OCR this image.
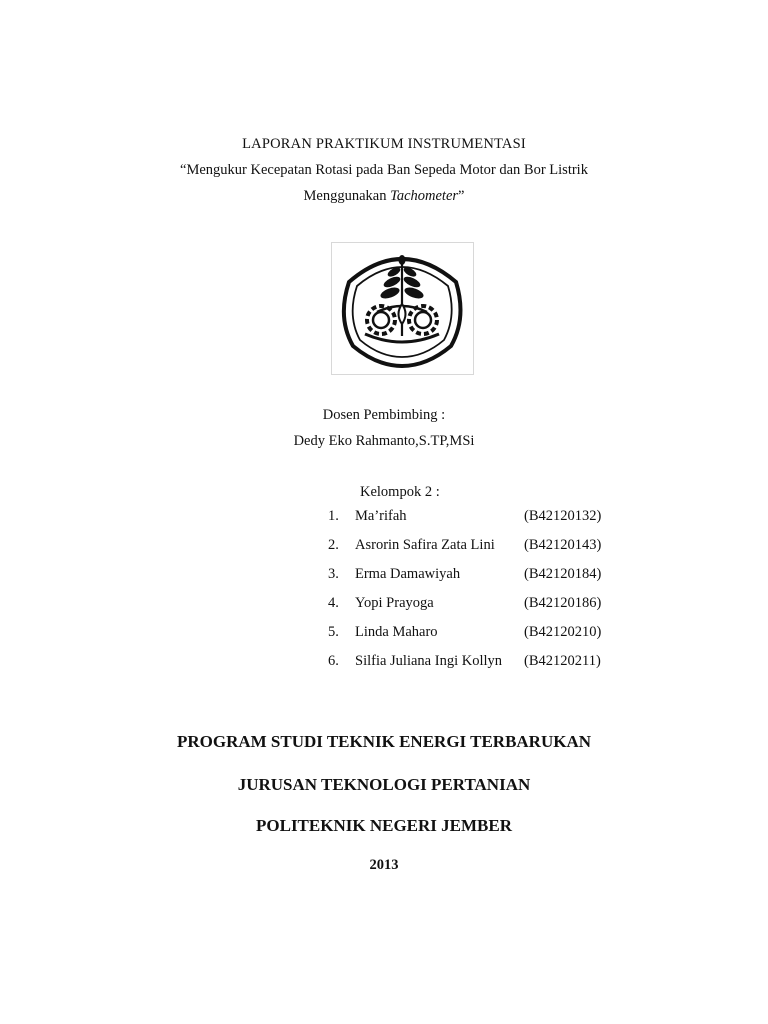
LAPORAN PRAKTIKUM INSTRUMENTASI
“Mengukur Kecepatan Rotasi pada Ban Sepeda Motor dan Bor Listrik
Menggunakan Tachometer”
Dosen Pembimbing :
Dedy Eko Rahmanto,S.TP,MSi
Kelompok 2 :
1.	Ma’rifah	(B42120132)
2.	Asrorin Safira Zata Lini (B42120143)
3.	Erma Damawiyah	(B42120184)
4.	Yopi Prayoga	(B42120186)
5.	Linda Maharo	(B42120210)
6.	Silfia Juliana Ingi Kollyn (B42120211)
PROGRAM STUDI TEKNIK ENERGI TERBARUKAN
JURUSAN TEKNOLOGI PERTANIAN
POLITEKNIK NEGERI JEMBER
2013
